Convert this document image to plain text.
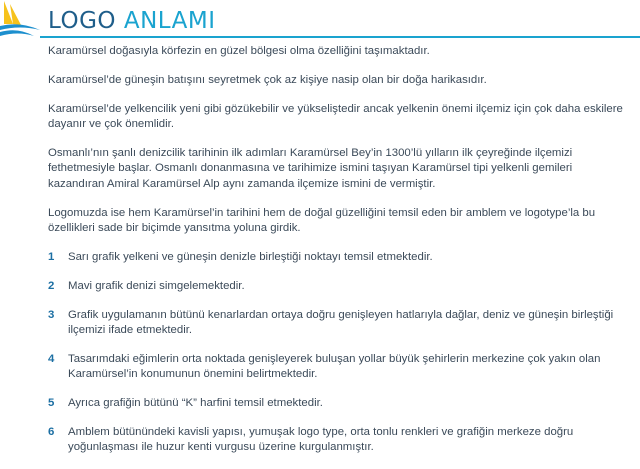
LOGO ANLAMI

Karamürsel doğasıyla körfezin en güzel bölgesi olma özelliğini taşımaktadır.

Karamürsel’de güneşin batışını seyretmek çok az kişiye nasip olan bir doğa harikasıdır.

Karamürsel’de yelkencilik yeni gibi gözükebilir ve yükseliştedir ancak yelkenin önemi ilçemiz için çok daha eskilere dayanır ve çok önemlidir.

Osmanlı’nın şanlı denizcilik tarihinin ilk adımları Karamürsel Bey’in 1300’lü yılların ilk çeyreğinde ilçemizi fethetmesiyle başlar. Osmanlı donanmasına ve tarihimize ismini taşıyan Karamürsel tipi yelkenli gemileri kazandıran Amiral Karamürsel Alp aynı zamanda ilçemize ismini de vermiştir.

Logomuzda ise hem Karamürsel’in tarihini hem de doğal güzelliğini temsil eden bir amblem ve logotype’la bu özellikleri sade bir biçimde yansıtma yoluna girdik.

1	Sarı grafik yelkeni ve güneşin denizle birleştiği noktayı temsil etmektedir.
2	Mavi grafik denizi simgelemektedir.
3	Grafik uygulamanın bütünü kenarlardan ortaya doğru genişleyen hatlarıyla dağlar, deniz ve güneşin birleştiği ilçemizi ifade etmektedir.
4	Tasarımdaki eğimlerin orta noktada genişleyerek buluşan yollar büyük şehirlerin merkezine çok yakın olan Karamürsel’in konumunun önemini belirtmektedir.
5	Ayrıca grafiğin bütünü “K” harfini temsil etmektedir.
6	Amblem bütünündeki kavisli yapısı, yumuşak logo type, orta tonlu renkleri ve grafiğin merkeze doğru yoğunlaşması ile huzur kenti vurgusu üzerine kurgulanmıştır.
